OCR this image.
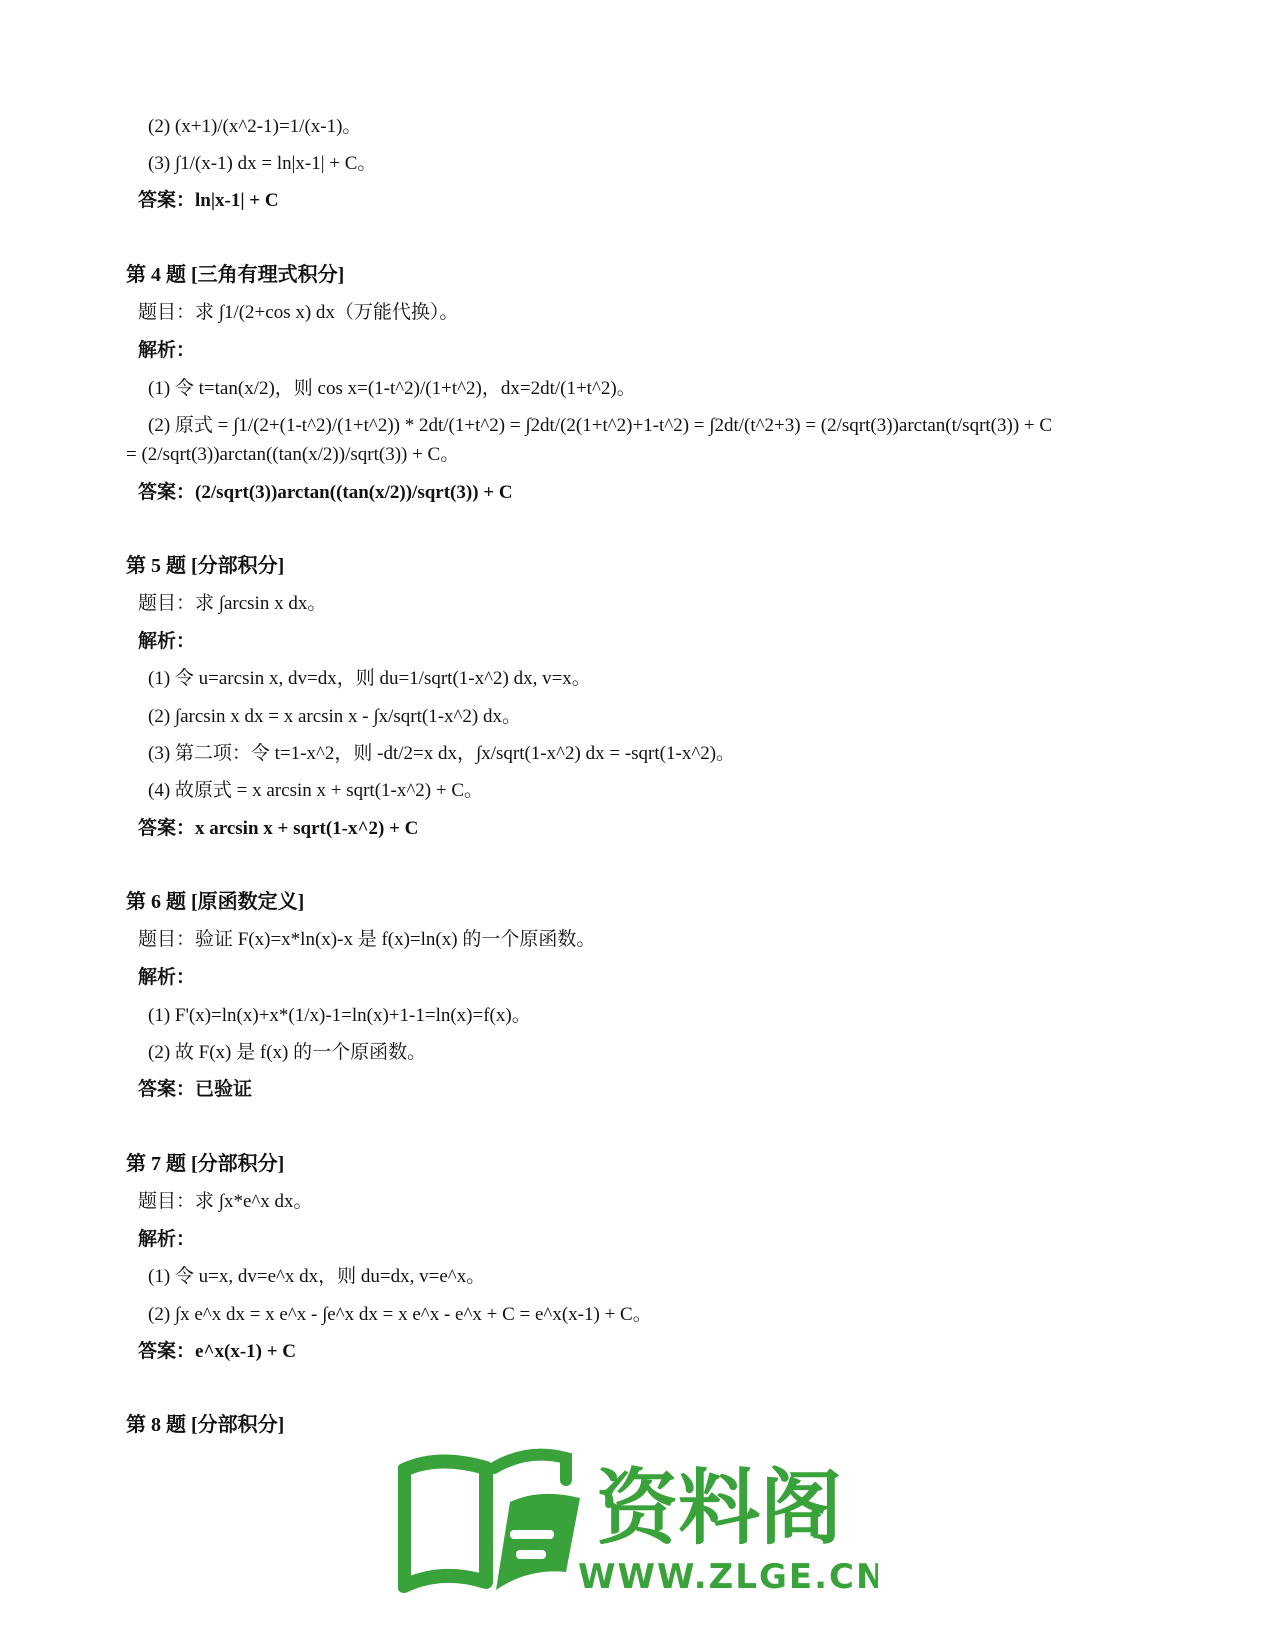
(2) (x+1)/(x^2-1)=1/(x-1)。
(3) ∫1/(x-1) dx = ln|x-1| + C。
答案：ln|x-1| + C
第 4 题 [三角有理式积分]
题目：求 ∫1/(2+cos x) dx（万能代换）。
解析：
(1) 令 t=tan(x/2)，则 cos x=(1-t^2)/(1+t^2)，dx=2dt/(1+t^2)。
(2) 原式 = ∫1/(2+(1-t^2)/(1+t^2)) * 2dt/(1+t^2) = ∫2dt/(2(1+t^2)+1-t^2) = ∫2dt/(t^2+3) = (2/sqrt(3))arctan(t/sqrt(3)) + C
= (2/sqrt(3))arctan((tan(x/2))/sqrt(3)) + C。
答案：(2/sqrt(3))arctan((tan(x/2))/sqrt(3)) + C
第 5 题 [分部积分]
题目：求 ∫arcsin x dx。
解析：
(1) 令 u=arcsin x, dv=dx，则 du=1/sqrt(1-x^2) dx, v=x。
(2) ∫arcsin x dx = x arcsin x - ∫x/sqrt(1-x^2) dx。
(3) 第二项：令 t=1-x^2，则 -dt/2=x dx，∫x/sqrt(1-x^2) dx = -sqrt(1-x^2)。
(4) 故原式 = x arcsin x + sqrt(1-x^2) + C。
答案：x arcsin x + sqrt(1-x^2) + C
第 6 题 [原函数定义]
题目：验证 F(x)=x*ln(x)-x 是 f(x)=ln(x) 的一个原函数。
解析：
(1) F'(x)=ln(x)+x*(1/x)-1=ln(x)+1-1=ln(x)=f(x)。
(2) 故 F(x) 是 f(x) 的一个原函数。
答案：已验证
第 7 题 [分部积分]
题目：求 ∫x*e^x dx。
解析：
(1) 令 u=x, dv=e^x dx，则 du=dx, v=e^x。
(2) ∫x e^x dx = x e^x - ∫e^x dx = x e^x - e^x + C = e^x(x-1) + C。
答案：e^x(x-1) + C
第 8 题 [分部积分]
资料阁
WWW.ZLGE.CN
